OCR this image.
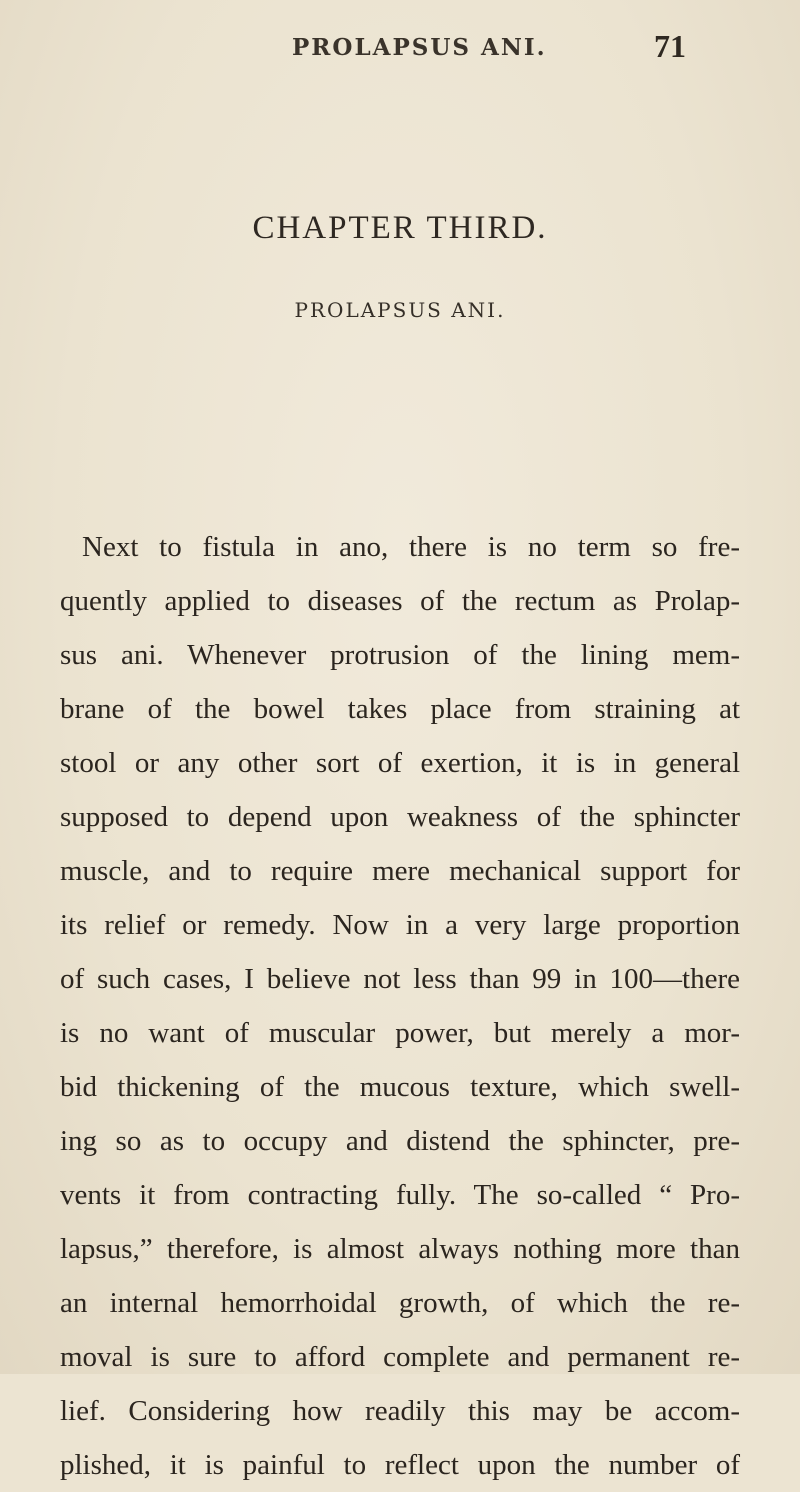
PROLAPSUS ANI.	71
CHAPTER THIRD.
PROLAPSUS ANI.
Next to fistula in ano, there is no term so fre-
quently applied to diseases of the rectum as Prolap-
sus ani. Whenever protrusion of the lining mem-
brane of the bowel takes place from straining at
stool or any other sort of exertion, it is in general
supposed to depend upon weakness of the sphincter
muscle, and to require mere mechanical support for
its relief or remedy. Now in a very large proportion
of such cases, I believe not less than 99 in 100—there
is no want of muscular power, but merely a mor-
bid thickening of the mucous texture, which swell-
ing so as to occupy and distend the sphincter, pre-
vents it from contracting fully. The so-called “ Pro-
lapsus,” therefore, is almost always nothing more than
an internal hemorrhoidal growth, of which the re-
moval is sure to afford complete and permanent re-
lief. Considering how readily this may be accom-
plished, it is painful to reflect upon the number of
